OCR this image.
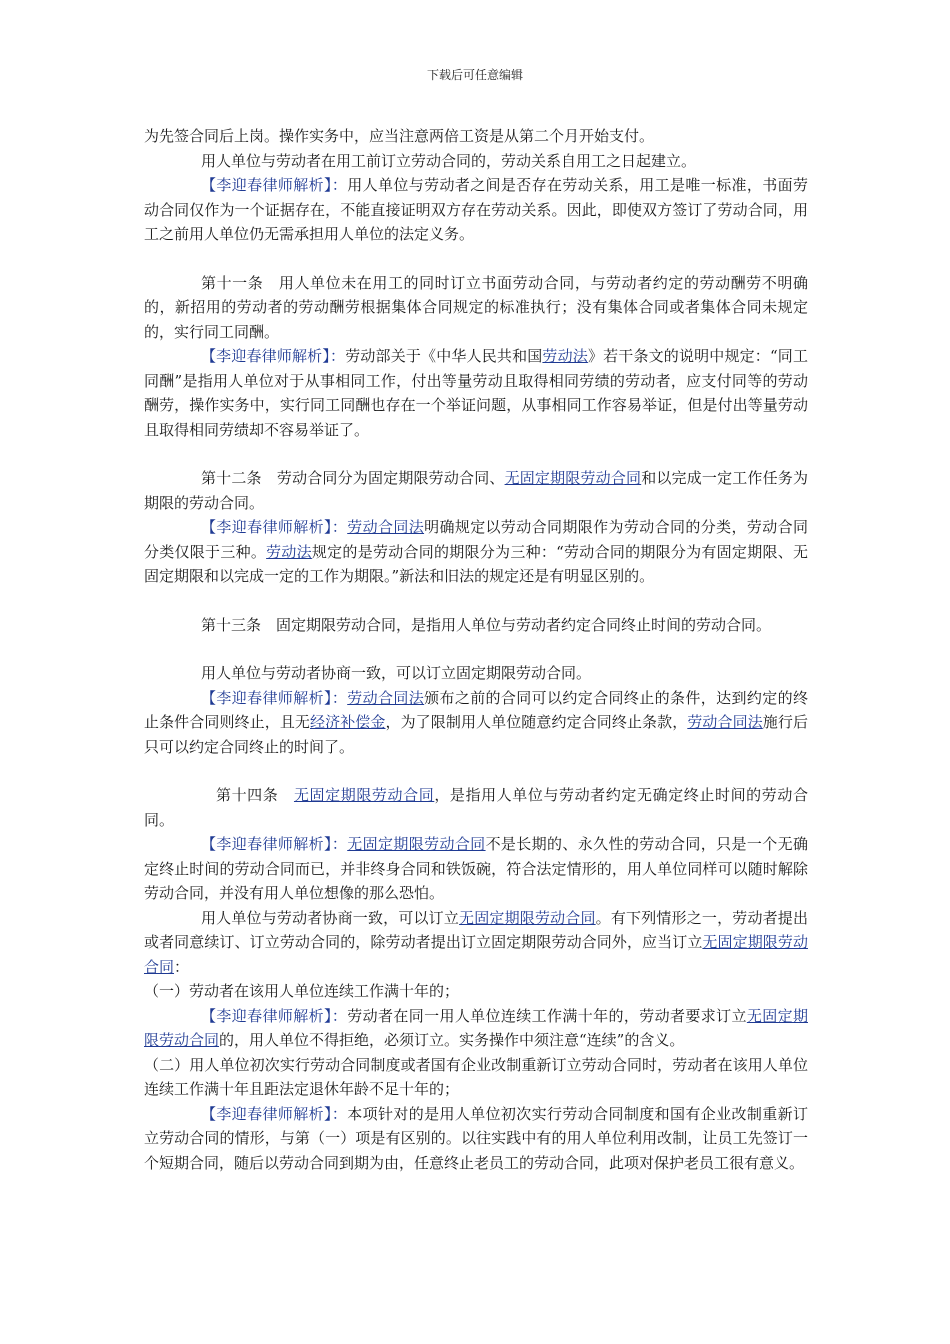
下载后可任意编辑

为先签合同后上岗。操作实务中，应当注意两倍工资是从第二个月开始支付。

用人单位与劳动者在用工前订立劳动合同的，劳动关系自用工之日起建立。

【李迎春律师解析】：用人单位与劳动者之间是否存在劳动关系，用工是唯一标准，书面劳动合同仅作为一个证据存在，不能直接证明双方存在劳动关系。因此，即使双方签订了劳动合同，用工之前用人单位仍无需承担用人单位的法定义务。

第十一条　用人单位未在用工的同时订立书面劳动合同，与劳动者约定的劳动酬劳不明确的，新招用的劳动者的劳动酬劳根据集体合同规定的标准执行；没有集体合同或者集体合同未规定的，实行同工同酬。

【李迎春律师解析】：劳动部关于《中华人民共和国劳动法》若干条文的说明中规定：“同工同酬”是指用人单位对于从事相同工作，付出等量劳动且取得相同劳绩的劳动者，应支付同等的劳动酬劳，操作实务中，实行同工同酬也存在一个举证问题，从事相同工作容易举证，但是付出等量劳动且取得相同劳绩却不容易举证了。

第十二条　劳动合同分为固定期限劳动合同、无固定期限劳动合同和以完成一定工作任务为期限的劳动合同。

【李迎春律师解析】：劳动合同法明确规定以劳动合同期限作为劳动合同的分类，劳动合同分类仅限于三种。劳动法规定的是劳动合同的期限分为三种：“劳动合同的期限分为有固定期限、无固定期限和以完成一定的工作为期限。”新法和旧法的规定还是有明显区别的。

第十三条　固定期限劳动合同，是指用人单位与劳动者约定合同终止时间的劳动合同。

用人单位与劳动者协商一致，可以订立固定期限劳动合同。

【李迎春律师解析】：劳动合同法颁布之前的合同可以约定合同终止的条件，达到约定的终止条件合同则终止，且无经济补偿金，为了限制用人单位随意约定合同终止条款，劳动合同法施行后只可以约定合同终止的时间了。

第十四条　无固定期限劳动合同，是指用人单位与劳动者约定无确定终止时间的劳动合同。

【李迎春律师解析】：无固定期限劳动合同不是长期的、永久性的劳动合同，只是一个无确定终止时间的劳动合同而已，并非终身合同和铁饭碗，符合法定情形的，用人单位同样可以随时解除劳动合同，并没有用人单位想像的那么恐怕。

用人单位与劳动者协商一致，可以订立无固定期限劳动合同。有下列情形之一，劳动者提出或者同意续订、订立劳动合同的，除劳动者提出订立固定期限劳动合同外，应当订立无固定期限劳动合同：

（一）劳动者在该用人单位连续工作满十年的；

【李迎春律师解析】：劳动者在同一用人单位连续工作满十年的，劳动者要求订立无固定期限劳动合同的，用人单位不得拒绝，必须订立。实务操作中须注意“连续”的含义。

（二）用人单位初次实行劳动合同制度或者国有企业改制重新订立劳动合同时，劳动者在该用人单位连续工作满十年且距法定退休年龄不足十年的；

【李迎春律师解析】：本项针对的是用人单位初次实行劳动合同制度和国有企业改制重新订立劳动合同的情形，与第（一）项是有区别的。以往实践中有的用人单位利用改制，让员工先签订一个短期合同，随后以劳动合同到期为由，任意终止老员工的劳动合同，此项对保护老员工很有意义。
